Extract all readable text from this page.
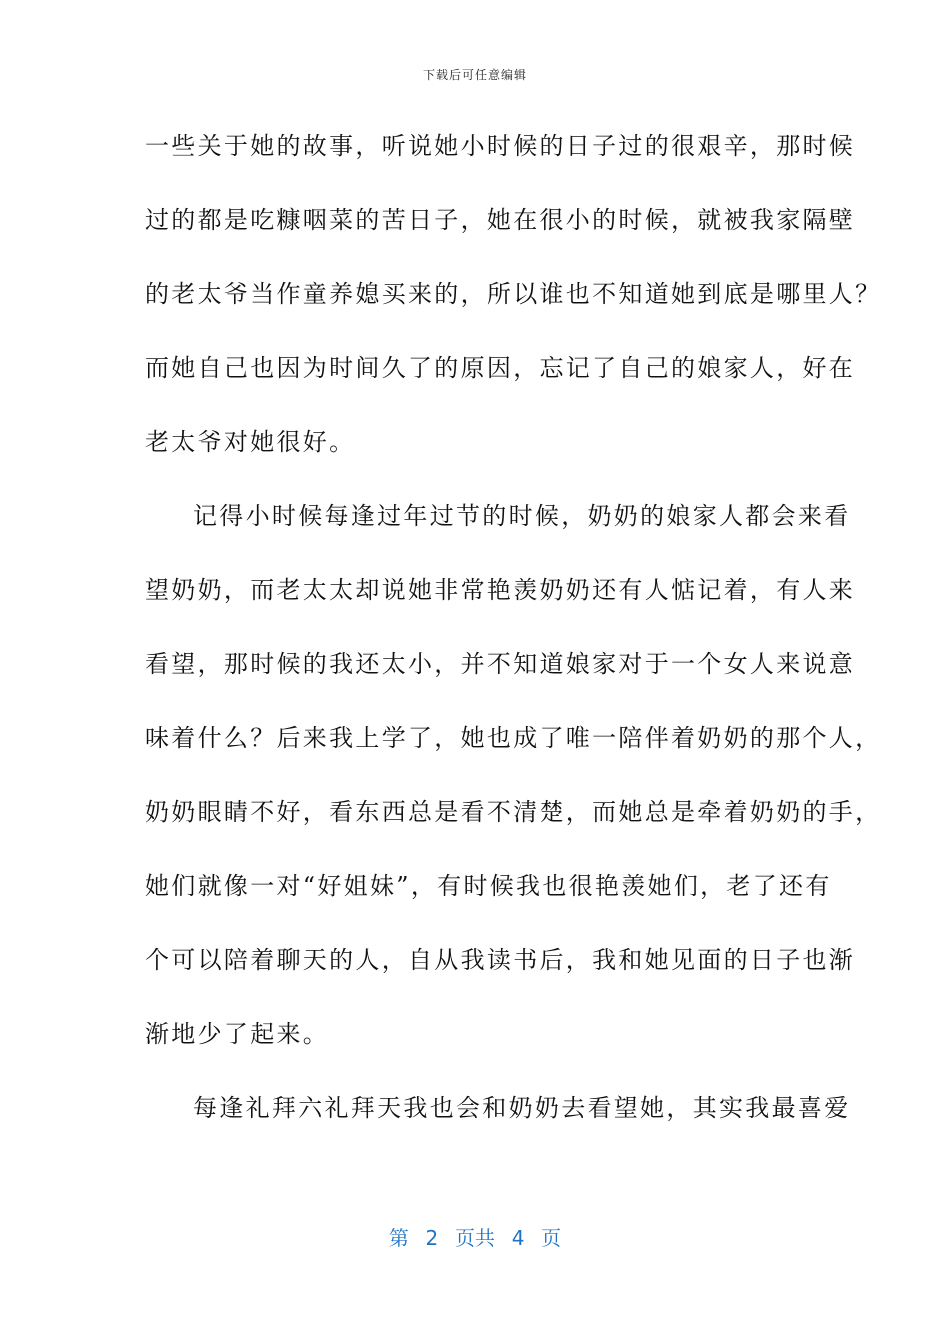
下载后可任意编辑
一些关于她的故事，听说她小时候的日子过的很艰辛，那时候
过的都是吃糠咽菜的苦日子，她在很小的时候，就被我家隔壁
的老太爷当作童养媳买来的，所以谁也不知道她到底是哪里人？
而她自己也因为时间久了的原因，忘记了自己的娘家人，好在
老太爷对她很好。
记得小时候每逢过年过节的时候，奶奶的娘家人都会来看
望奶奶，而老太太却说她非常艳羡奶奶还有人惦记着，有人来
看望，那时候的我还太小，并不知道娘家对于一个女人来说意
味着什么？后来我上学了，她也成了唯一陪伴着奶奶的那个人，
奶奶眼睛不好，看东西总是看不清楚，而她总是牵着奶奶的手，
她们就像一对“好姐妹”，有时候我也很艳羡她们，老了还有
个可以陪着聊天的人，自从我读书后，我和她见面的日子也渐
渐地少了起来。
每逢礼拜六礼拜天我也会和奶奶去看望她，其实我最喜爱
第  2  页共  4  页
